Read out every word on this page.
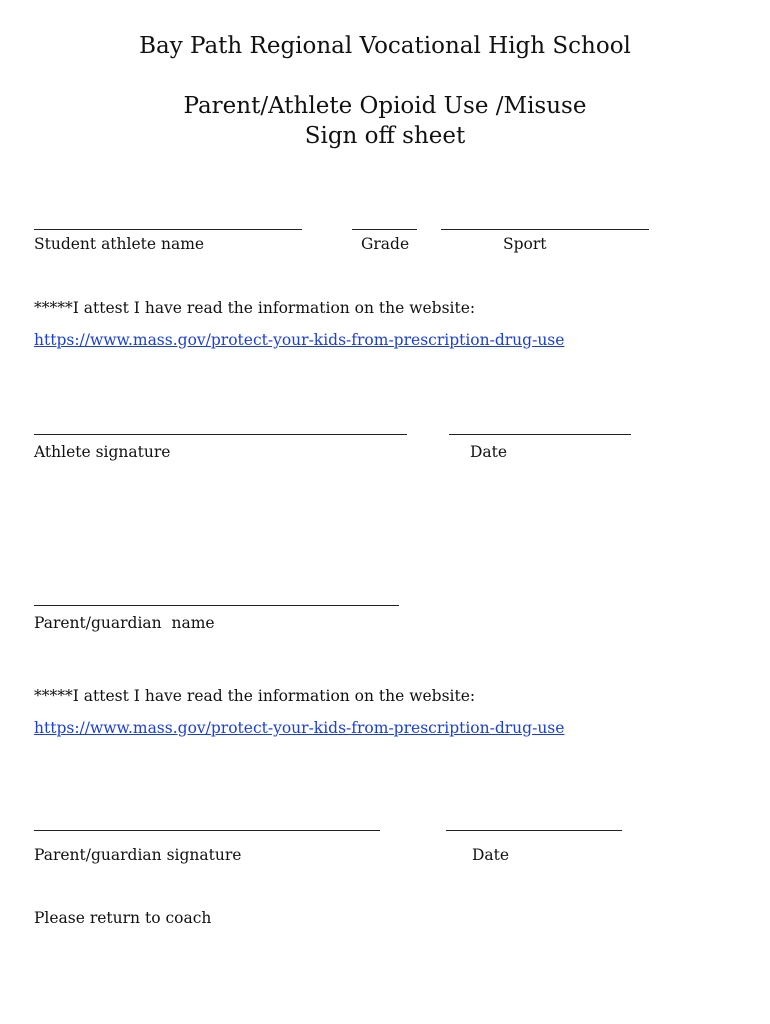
Bay Path Regional Vocational High School
Parent/Athlete Opioid Use /Misuse
Sign off sheet
Student athlete name	Grade	Sport
*****I attest I have read the information on the website:
https://www.mass.gov/protect-your-kids-from-prescription-drug-use
Athlete signature	Date
Parent/guardian  name
*****I attest I have read the information on the website:
https://www.mass.gov/protect-your-kids-from-prescription-drug-use
Parent/guardian signature	Date
Please return to coach
